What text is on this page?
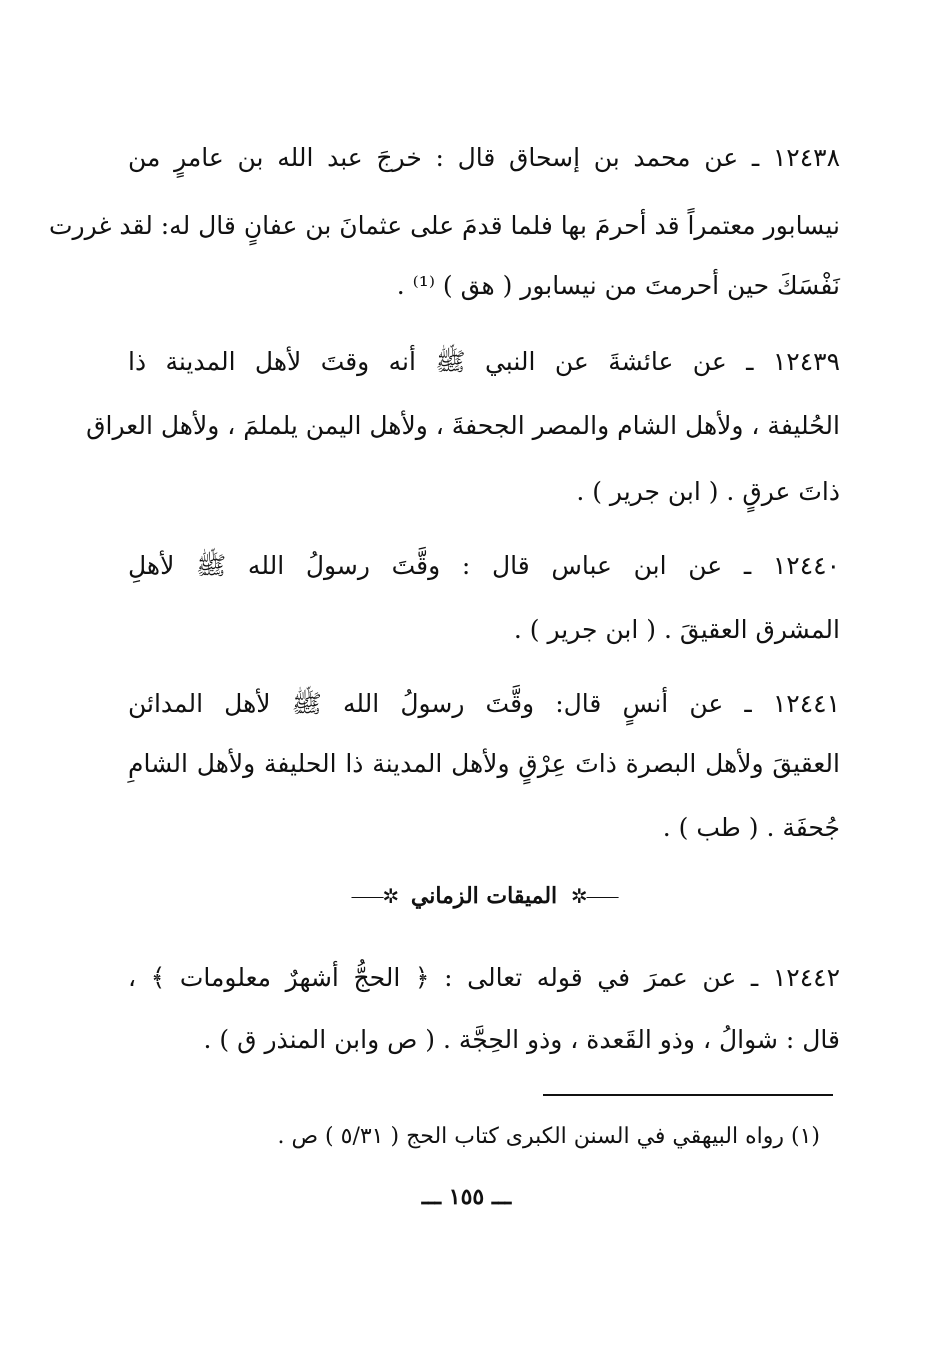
١٢٤٣٨ ـ عن محمد بن إسحاق قال : خرجَ عبد الله بن عامرٍ من
نيسابور معتمراً قد أحرمَ بها فلما قدمَ على عثمانَ بن عفانٍ قال له: لقد غررت
نَفْسَكَ حين أحرمتَ من نيسابور ( هق ) ⁽¹⁾ .
١٢٤٣٩ ـ عن عائشةَ عن النبي ﷺ أنه وقتَ لأهل المدينة ذا
الحُليفة ، ولأهل الشام والمصر الجحفةَ ، ولأهل اليمن يلملمَ ، ولأهل العراق
ذاتَ عرقٍ . ( ابن جرير ) .
١٢٤٤٠ ـ عن ابن عباس قال : وقَّتَ رسولُ الله ﷺ لأهلِ
المشرق العقيقَ . ( ابن جرير ) .
١٢٤٤١ ـ عن أنسٍ قال: وقَّتَ رسولُ الله ﷺ لأهل المدائن
العقيقَ ولأهل البصرة ذاتَ عِرْقٍ ولأهل المدينة ذا الحليفة ولأهل الشامِ
جُحفَة . ( طب ) .
⸺✲ الميقات الزماني ✲⸺
١٢٤٤٢ ـ عن عمرَ في قوله تعالى : ﴿ الحجُّ أشهرٌ معلومات ﴾ ،
قال : شوالُ ، وذو القَعدة ، وذو الحِجَّة . ( ص وابن المنذر ق ) .
(١) رواه البيهقي في السنن الكبرى كتاب الحج ( ٥/٣١ ) ص .
ـــ ١٥٥ ـــ
